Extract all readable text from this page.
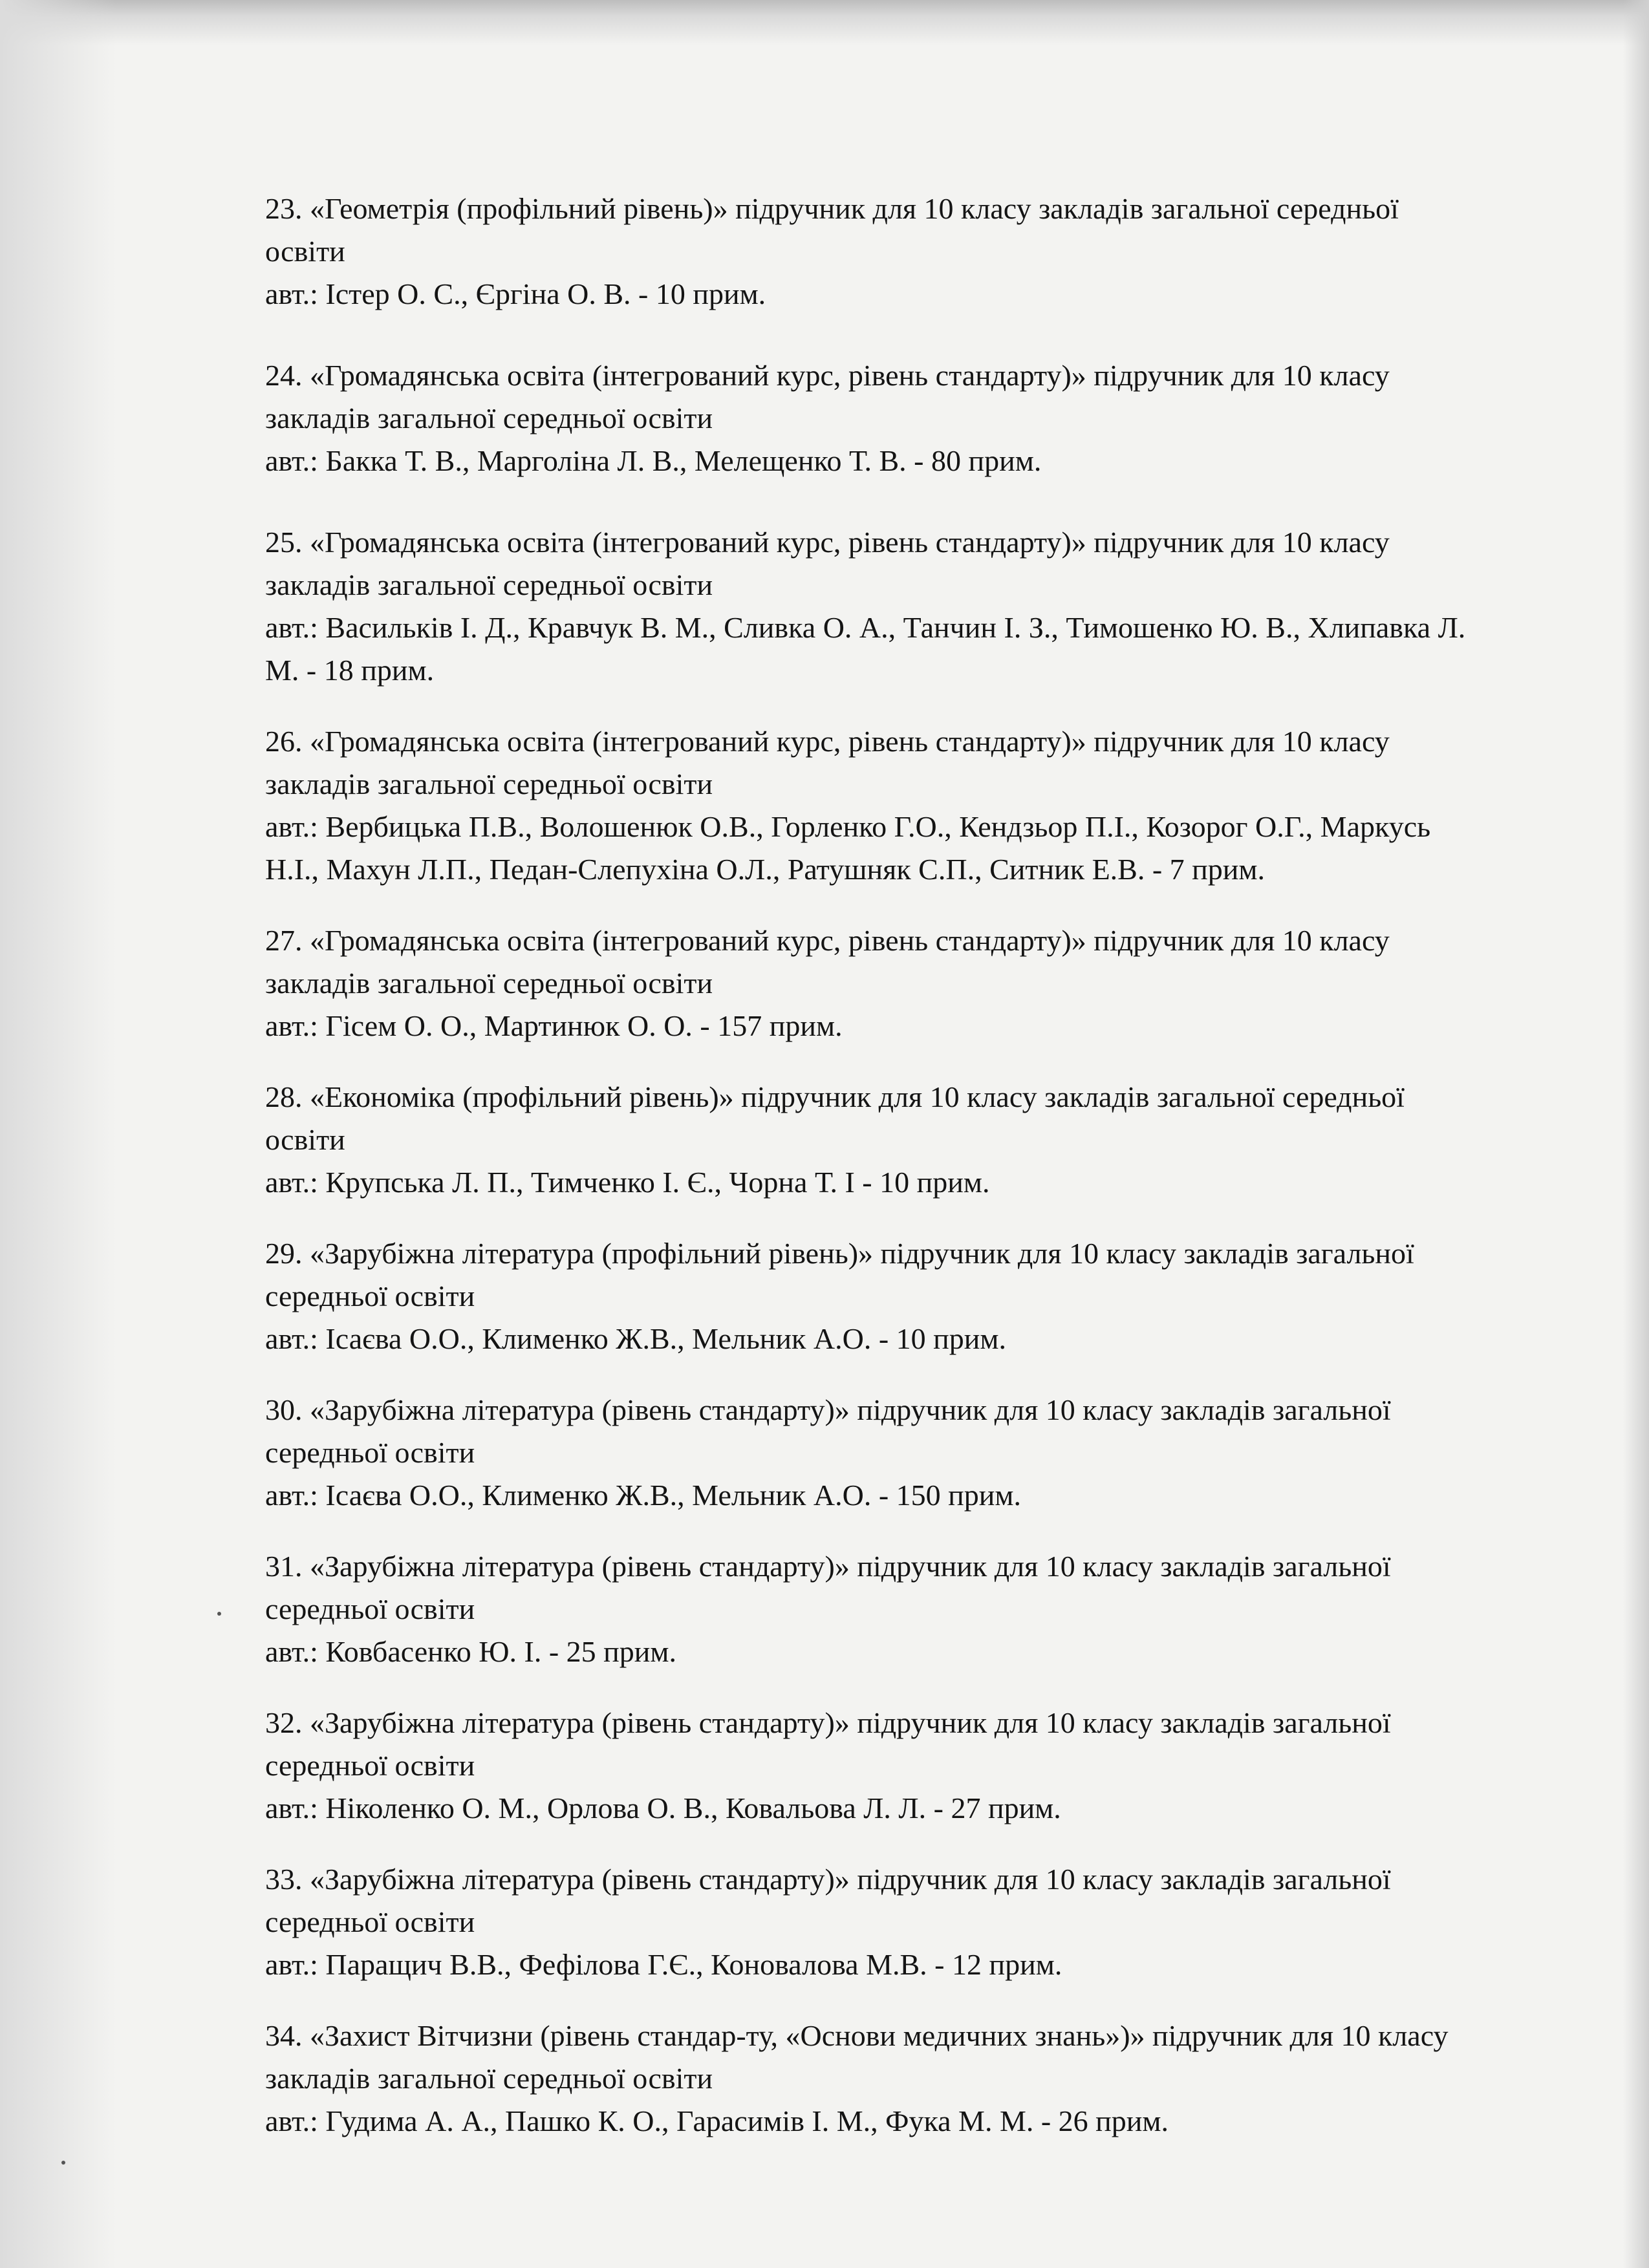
23. «Геометрія (профільний рівень)» підручник для 10 класу закладів загальної середньої освіти
авт.: Істер О. С., Єргіна О. В. - 10 прим.

24. «Громадянська освіта (інтегрований курс, рівень стандарту)» підручник для 10 класу закладів загальної середньої освіти
авт.: Бакка Т. В., Марголіна Л. В., Мелещенко Т. В. - 80 прим.

25. «Громадянська освіта (інтегрований курс, рівень стандарту)» підручник для 10 класу закладів загальної середньої освіти
авт.: Васильків І. Д., Кравчук В. М., Сливка О. А., Танчин І. З., Тимошенко Ю. В., Хлипавка Л. М. - 18 прим.

26. «Громадянська освіта (інтегрований курс, рівень стандарту)» підручник для 10 класу закладів загальної середньої освіти
авт.: Вербицька П.В., Волошенюк О.В., Горленко Г.О., Кендзьор П.І., Козорог О.Г., Маркусь Н.І., Махун Л.П., Педан-Слепухіна О.Л., Ратушняк С.П., Ситник Е.В. - 7 прим.

27. «Громадянська освіта (інтегрований курс, рівень стандарту)» підручник для 10 класу закладів загальної середньої освіти
авт.: Гісем О. О., Мартинюк О. О. - 157 прим.

28. «Економіка (профільний рівень)» підручник для 10 класу закладів загальної середньої освіти
авт.: Крупська Л. П., Тимченко І. Є., Чорна Т. І - 10 прим.

29. «Зарубіжна література (профільний рівень)» підручник для 10 класу закладів загальної середньої освіти
авт.: Ісаєва О.О., Клименко Ж.В., Мельник А.О. - 10 прим.

30. «Зарубіжна література (рівень стандарту)» підручник для 10 класу закладів загальної середньої освіти
авт.: Ісаєва О.О., Клименко Ж.В., Мельник А.О. - 150 прим.

31. «Зарубіжна література (рівень стандарту)» підручник для 10 класу закладів загальної середньої освіти
авт.: Ковбасенко Ю. І. - 25 прим.

32. «Зарубіжна література (рівень стандарту)» підручник для 10 класу закладів загальної середньої освіти
авт.: Ніколенко О. М., Орлова О. В., Ковальова Л. Л. - 27 прим.

33. «Зарубіжна література (рівень стандарту)» підручник для 10 класу закладів загальної середньої освіти
авт.: Паращич В.В., Фефілова Г.Є., Коновалова М.В. - 12 прим.

34. «Захист Вітчизни (рівень стандар-ту, «Основи медичних знань»)» підручник для 10 класу закладів загальної середньої освіти
авт.: Гудима А. А., Пашко К. О., Гарасимів І. М., Фука М. М. - 26 прим.
